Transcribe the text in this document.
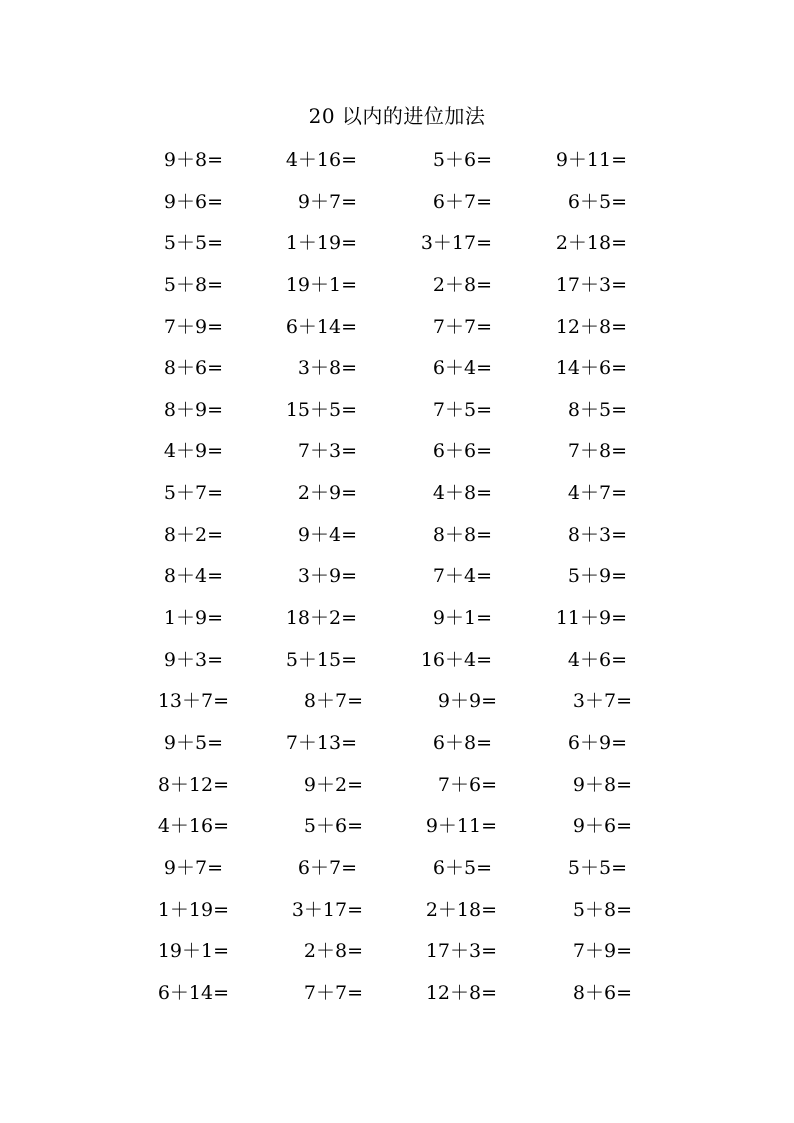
20 以内的进位加法
9＋8=	4＋16=	5＋6=	9＋11=
9＋6=	9＋7=	6＋7=	6＋5=
5＋5=	1＋19=	3＋17=	2＋18=
5＋8=	19＋1=	2＋8=	17＋3=
7＋9=	6＋14=	7＋7=	12＋8=
8＋6=	3＋8=	6＋4=	14＋6=
8＋9=	15＋5=	7＋5=	8＋5=
4＋9=	7＋3=	6＋6=	7＋8=
5＋7=	2＋9=	4＋8=	4＋7=
8＋2=	9＋4=	8＋8=	8＋3=
8＋4=	3＋9=	7＋4=	5＋9=
1＋9=	18＋2=	9＋1=	11＋9=
9＋3=	5＋15=	16＋4=	4＋6=
13＋7=	8＋7=	9＋9=	3＋7=
9＋5=	7＋13=	6＋8=	6＋9=
8＋12=	9＋2=	7＋6=	9＋8=
4＋16=	5＋6=	9＋11=	9＋6=
9＋7=	6＋7=	6＋5=	5＋5=
1＋19=	3＋17=	2＋18=	5＋8=
19＋1=	2＋8=	17＋3=	7＋9=
6＋14=	7＋7=	12＋8=	8＋6=
